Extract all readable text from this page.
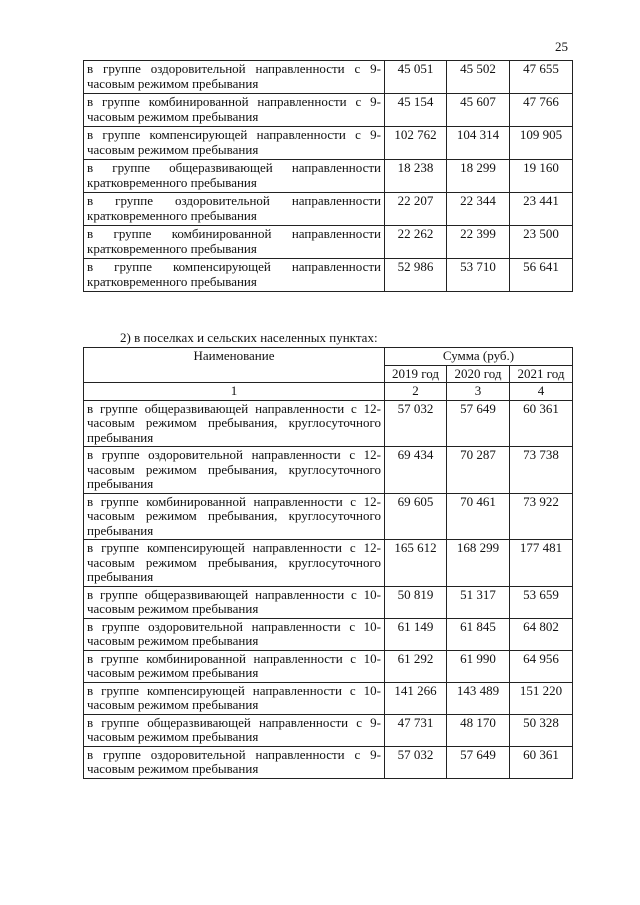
25
в группе оздоровительной направленности с 9-часовым режимом пребывания	45 051	45 502	47 655
в группе комбинированной направленности с 9-часовым режимом пребывания	45 154	45 607	47 766
в группе компенсирующей направленности с 9-часовым режимом пребывания	102 762	104 314	109 905
в группе общеразвивающей направленности кратковременного пребывания	18 238	18 299	19 160
в группе оздоровительной направленности кратковременного пребывания	22 207	22 344	23 441
в группе комбинированной направленности кратковременного пребывания	22 262	22 399	23 500
в группе компенсирующей направленности кратковременного пребывания	52 986	53 710	56 641
2) в поселках и сельских населенных пунктах:
Наименование	Сумма (руб.)		
	2019 год	2020 год	2021 год
1	2	3	4
в группе общеразвивающей направленности с 12-часовым режимом пребывания, круглосуточного пребывания	57 032	57 649	60 361
в группе оздоровительной направленности с 12-часовым режимом пребывания, круглосуточного пребывания	69 434	70 287	73 738
в группе комбинированной направленности с 12-часовым режимом пребывания, круглосуточного пребывания	69 605	70 461	73 922
в группе компенсирующей направленности с 12-часовым режимом пребывания, круглосуточного пребывания	165 612	168 299	177 481
в группе общеразвивающей направленности с 10-часовым режимом пребывания	50 819	51 317	53 659
в группе оздоровительной направленности с 10-часовым режимом пребывания	61 149	61 845	64 802
в группе комбинированной направленности с 10-часовым режимом пребывания	61 292	61 990	64 956
в группе компенсирующей направленности с 10-часовым режимом пребывания	141 266	143 489	151 220
в группе общеразвивающей направленности с 9-часовым режимом пребывания	47 731	48 170	50 328
в группе оздоровительной направленности с 9-часовым режимом пребывания	57 032	57 649	60 361
